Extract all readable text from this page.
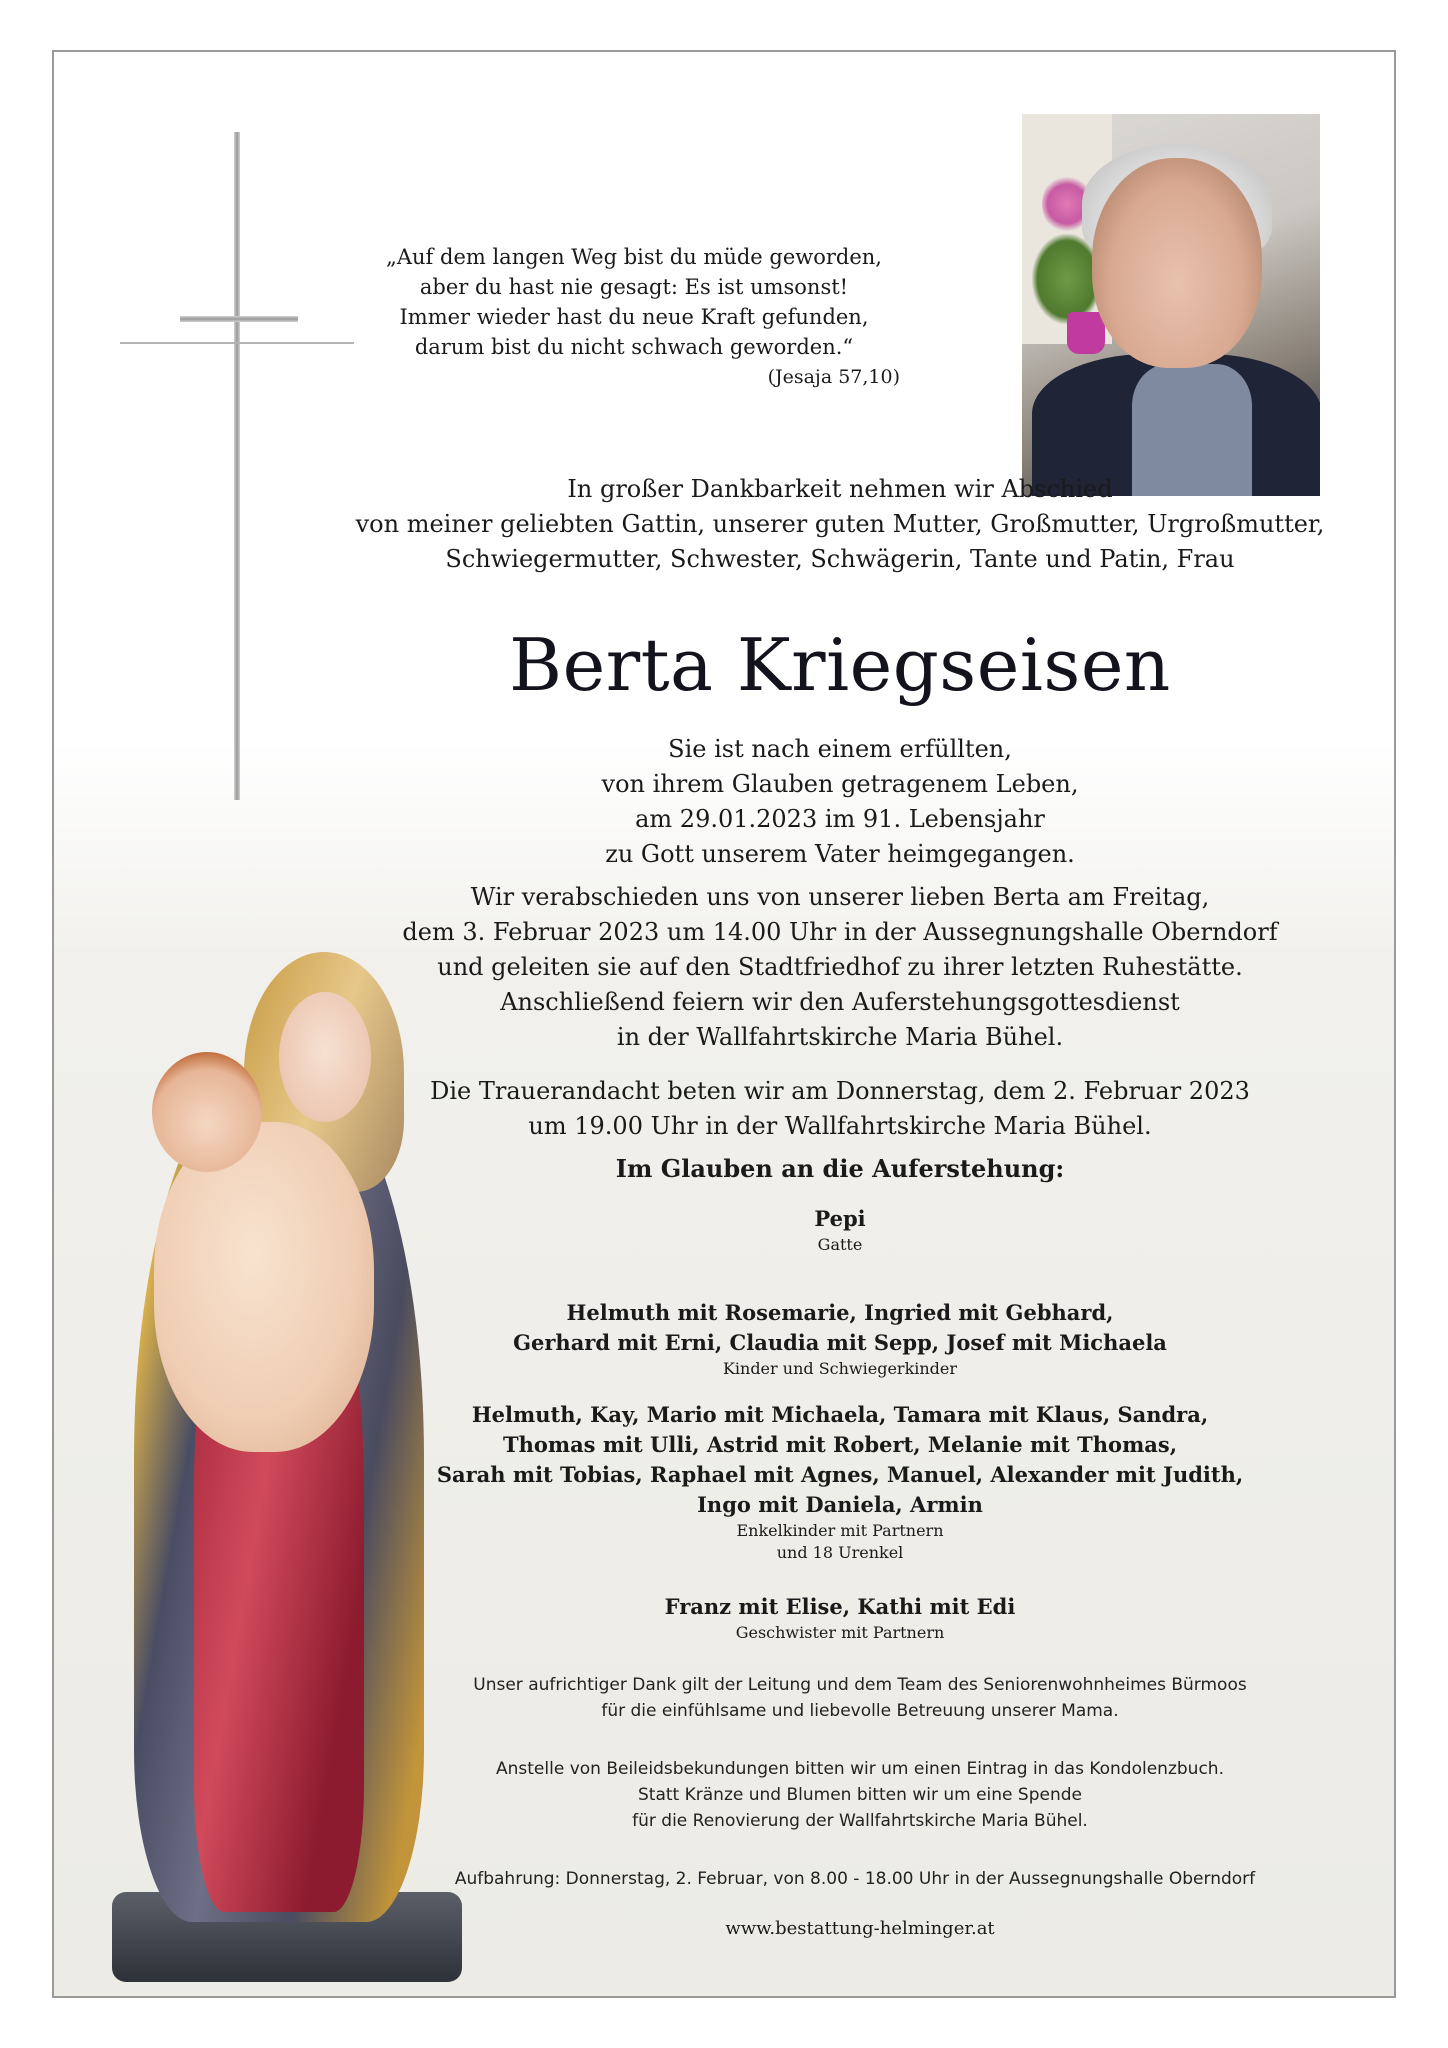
„Auf dem langen Weg bist du müde geworden,
aber du hast nie gesagt: Es ist umsonst!
Immer wieder hast du neue Kraft gefunden,
darum bist du nicht schwach geworden.“
(Jesaja 57,10)
In großer Dankbarkeit nehmen wir Abschied
von meiner geliebten Gattin, unserer guten Mutter, Großmutter, Urgroßmutter,
Schwiegermutter, Schwester, Schwägerin, Tante und Patin, Frau
Berta Kriegseisen
Sie ist nach einem erfüllten,
von ihrem Glauben getragenem Leben,
am 29.01.2023 im 91. Lebensjahr
zu Gott unserem Vater heimgegangen.
Wir verabschieden uns von unserer lieben Berta am Freitag,
dem 3. Februar 2023 um 14.00 Uhr in der Aussegnungshalle Oberndorf
und geleiten sie auf den Stadtfriedhof zu ihrer letzten Ruhestätte.
Anschließend feiern wir den Auferstehungsgottesdienst
in der Wallfahrtskirche Maria Bühel.
Die Trauerandacht beten wir am Donnerstag, dem 2. Februar 2023
um 19.00 Uhr in der Wallfahrtskirche Maria Bühel.
Im Glauben an die Auferstehung:
Pepi
Gatte
Helmuth mit Rosemarie, Ingried mit Gebhard,
Gerhard mit Erni, Claudia mit Sepp, Josef mit Michaela
Kinder und Schwiegerkinder
Helmuth, Kay, Mario mit Michaela, Tamara mit Klaus, Sandra,
Thomas mit Ulli, Astrid mit Robert, Melanie mit Thomas,
Sarah mit Tobias, Raphael mit Agnes, Manuel, Alexander mit Judith,
Ingo mit Daniela, Armin
Enkelkinder mit Partnern
und 18 Urenkel
Franz mit Elise, Kathi mit Edi
Geschwister mit Partnern
Unser aufrichtiger Dank gilt der Leitung und dem Team des Seniorenwohnheimes Bürmoos
für die einfühlsame und liebevolle Betreuung unserer Mama.
Anstelle von Beileidsbekundungen bitten wir um einen Eintrag in das Kondolenzbuch.
Statt Kränze und Blumen bitten wir um eine Spende
für die Renovierung der Wallfahrtskirche Maria Bühel.
Aufbahrung: Donnerstag, 2. Februar, von 8.00 - 18.00 Uhr in der Aussegnungshalle Oberndorf
www.bestattung-helminger.at
